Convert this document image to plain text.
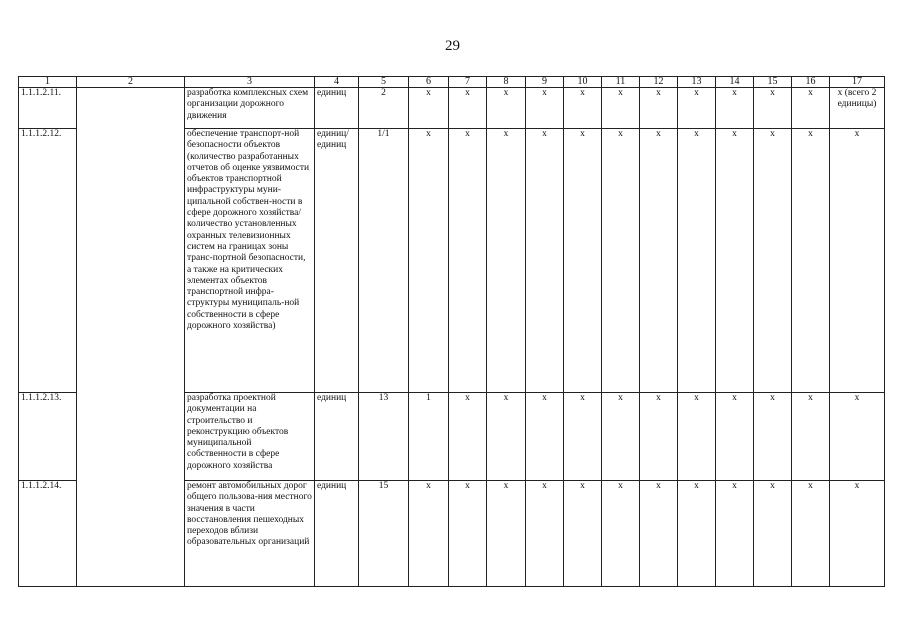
29
1	2	3	4	5	6	7	8	9	10	11	12	13	14	15	16	17
1.1.1.2.11.		разработка комплексных схем организации дорожного движения	единиц	2	x	x	x	x	x	x	x	x	x	x	x	x (всего 2 единицы)
1.1.1.2.12.		обеспечение транспорт-ной безопасности объектов (количество разработанных отчетов об оценке уязвимости объектов транспортной инфраструктуры муни-ципальной собствен-ности в сфере дорожного хозяйства/ количество установленных охранных телевизионных систем на границах зоны транс-портной безопасности, а также на критических элементах объектов транспортной инфра-структуры муниципаль-ной собственности в сфере дорожного хозяйства)	единиц/ единиц	1/1	x	x	x	x	x	x	x	x	x	x	x	x
1.1.1.2.13.		разработка проектной документации на строительство и реконструкцию объектов муниципальной собственности в сфере дорожного хозяйства	единиц	13	1	x	x	x	x	x	x	x	x	x	x	x
1.1.1.2.14.		ремонт автомобильных дорог общего пользова-ния местного значения в части восстановления пешеходных переходов вблизи образовательных организаций	единиц	15	x	x	x	x	x	x	x	x	x	x	x	x
